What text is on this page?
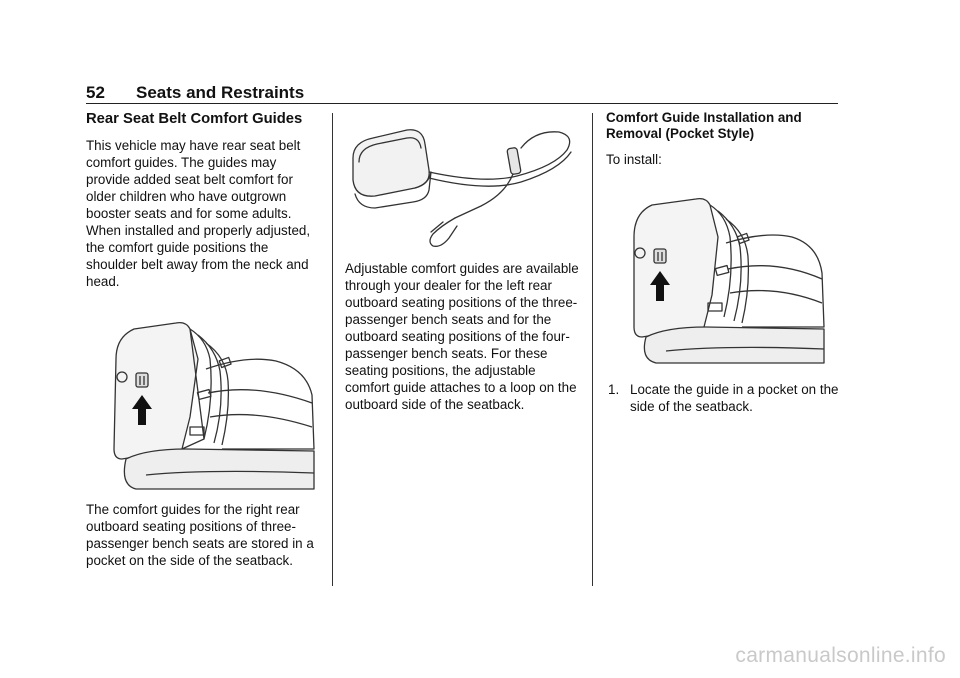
52 Seats and Restraints
Rear Seat Belt Comfort Guides

This vehicle may have rear seat belt comfort guides. The guides may provide added seat belt comfort for older children who have outgrown booster seats and for some adults. When installed and properly adjusted, the comfort guide positions the shoulder belt away from the neck and head.

The comfort guides for the right rear outboard seating positions of three-passenger bench seats are stored in a pocket on the side of the seatback.

Adjustable comfort guides are available through your dealer for the left rear outboard seating positions of the three-passenger bench seats and for the outboard seating positions of the four-passenger bench seats. For these seating positions, the adjustable comfort guide attaches to a loop on the outboard side of the seatback.

Comfort Guide Installation and Removal (Pocket Style)

To install:

1. Locate the guide in a pocket on the side of the seatback.
carmanualsonline.info
